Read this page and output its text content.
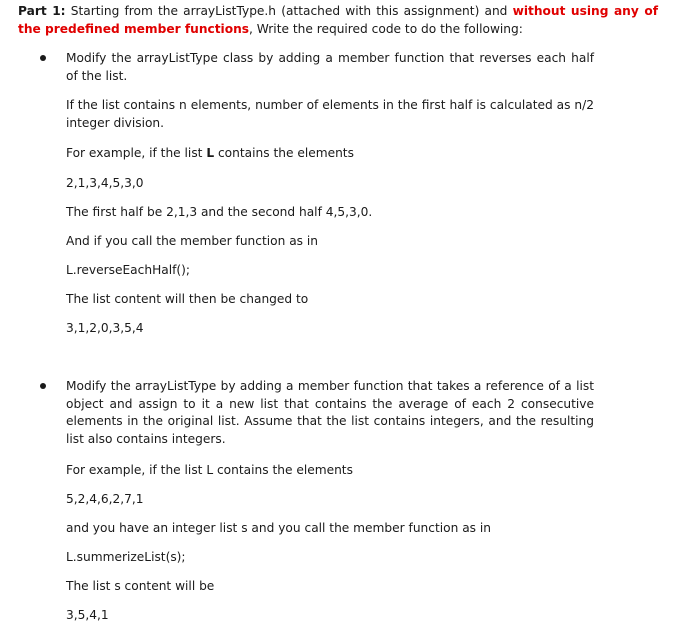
Part 1: Starting from the arrayListType.h (attached with this assignment) and without using any of the predefined member functions, Write the required code to do the following:
Modify the arrayListType class by adding a member function that reverses each half of the list.
If the list contains n elements, number of elements in the first half is calculated as n/2 integer division.
For example, if the list L contains the elements
2,1,3,4,5,3,0
The first half be 2,1,3 and the second half 4,5,3,0.
And if you call the member function as in
L.reverseEachHalf();
The list content will then be changed to
3,1,2,0,3,5,4
Modify the arrayListType by adding a member function that takes a reference of a list object and assign to it a new list that contains the average of each 2 consecutive elements in the original list. Assume that the list contains integers, and the resulting list also contains integers.
For example, if the list L contains the elements
5,2,4,6,2,7,1
and you have an integer list s and you call the member function as in
L.summerizeList(s);
The list s content will be
3,5,4,1
